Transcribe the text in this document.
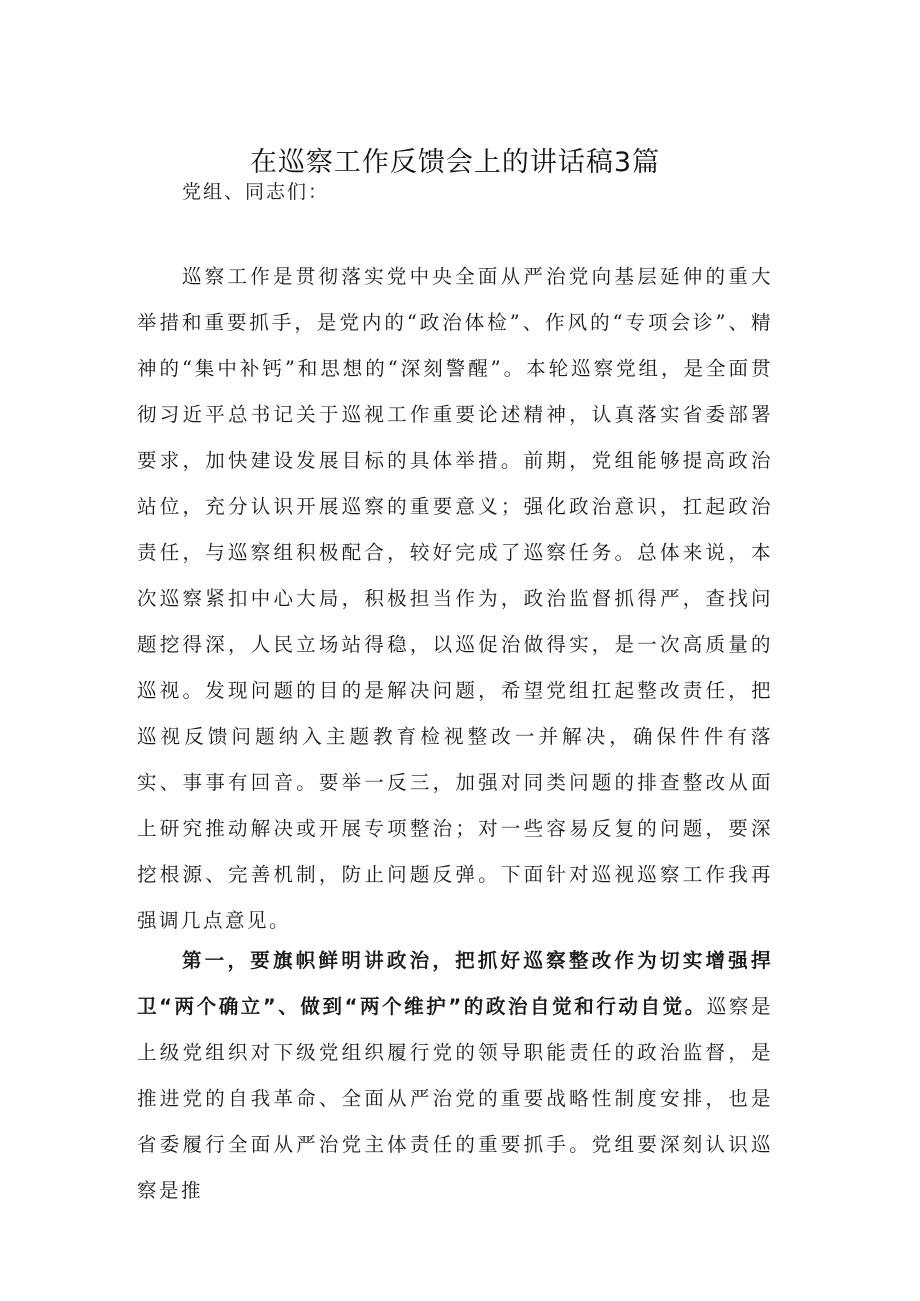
在巡察工作反馈会上的讲话稿3篇
党组、同志们：

巡察工作是贯彻落实党中央全面从严治党向基层延伸的重大举措和重要抓手，是党内的“政治体检”、作风的“专项会诊”、精神的“集中补钙”和思想的“深刻警醒”。本轮巡察党组，是全面贯彻习近平总书记关于巡视工作重要论述精神，认真落实省委部署要求，加快建设发展目标的具体举措。前期，党组能够提高政治站位，充分认识开展巡察的重要意义；强化政治意识，扛起政治责任，与巡察组积极配合，较好完成了巡察任务。总体来说，本次巡察紧扣中心大局，积极担当作为，政治监督抓得严，查找问题挖得深，人民立场站得稳，以巡促治做得实，是一次高质量的巡视。发现问题的目的是解决问题，希望党组扛起整改责任，把巡视反馈问题纳入主题教育检视整改一并解决，确保件件有落实、事事有回音。要举一反三，加强对同类问题的排查整改从面上研究推动解决或开展专项整治；对一些容易反复的问题，要深挖根源、完善机制，防止问题反弹。下面针对巡视巡察工作我再强调几点意见。

第一，要旗帜鲜明讲政治，把抓好巡察整改作为切实增强捍卫“两个确立”、做到“两个维护”的政治自觉和行动自觉。巡察是上级党组织对下级党组织履行党的领导职能责任的政治监督，是推进党的自我革命、全面从严治党的重要战略性制度安排，也是省委履行全面从严治党主体责任的重要抓手。党组要深刻认识巡察是推
